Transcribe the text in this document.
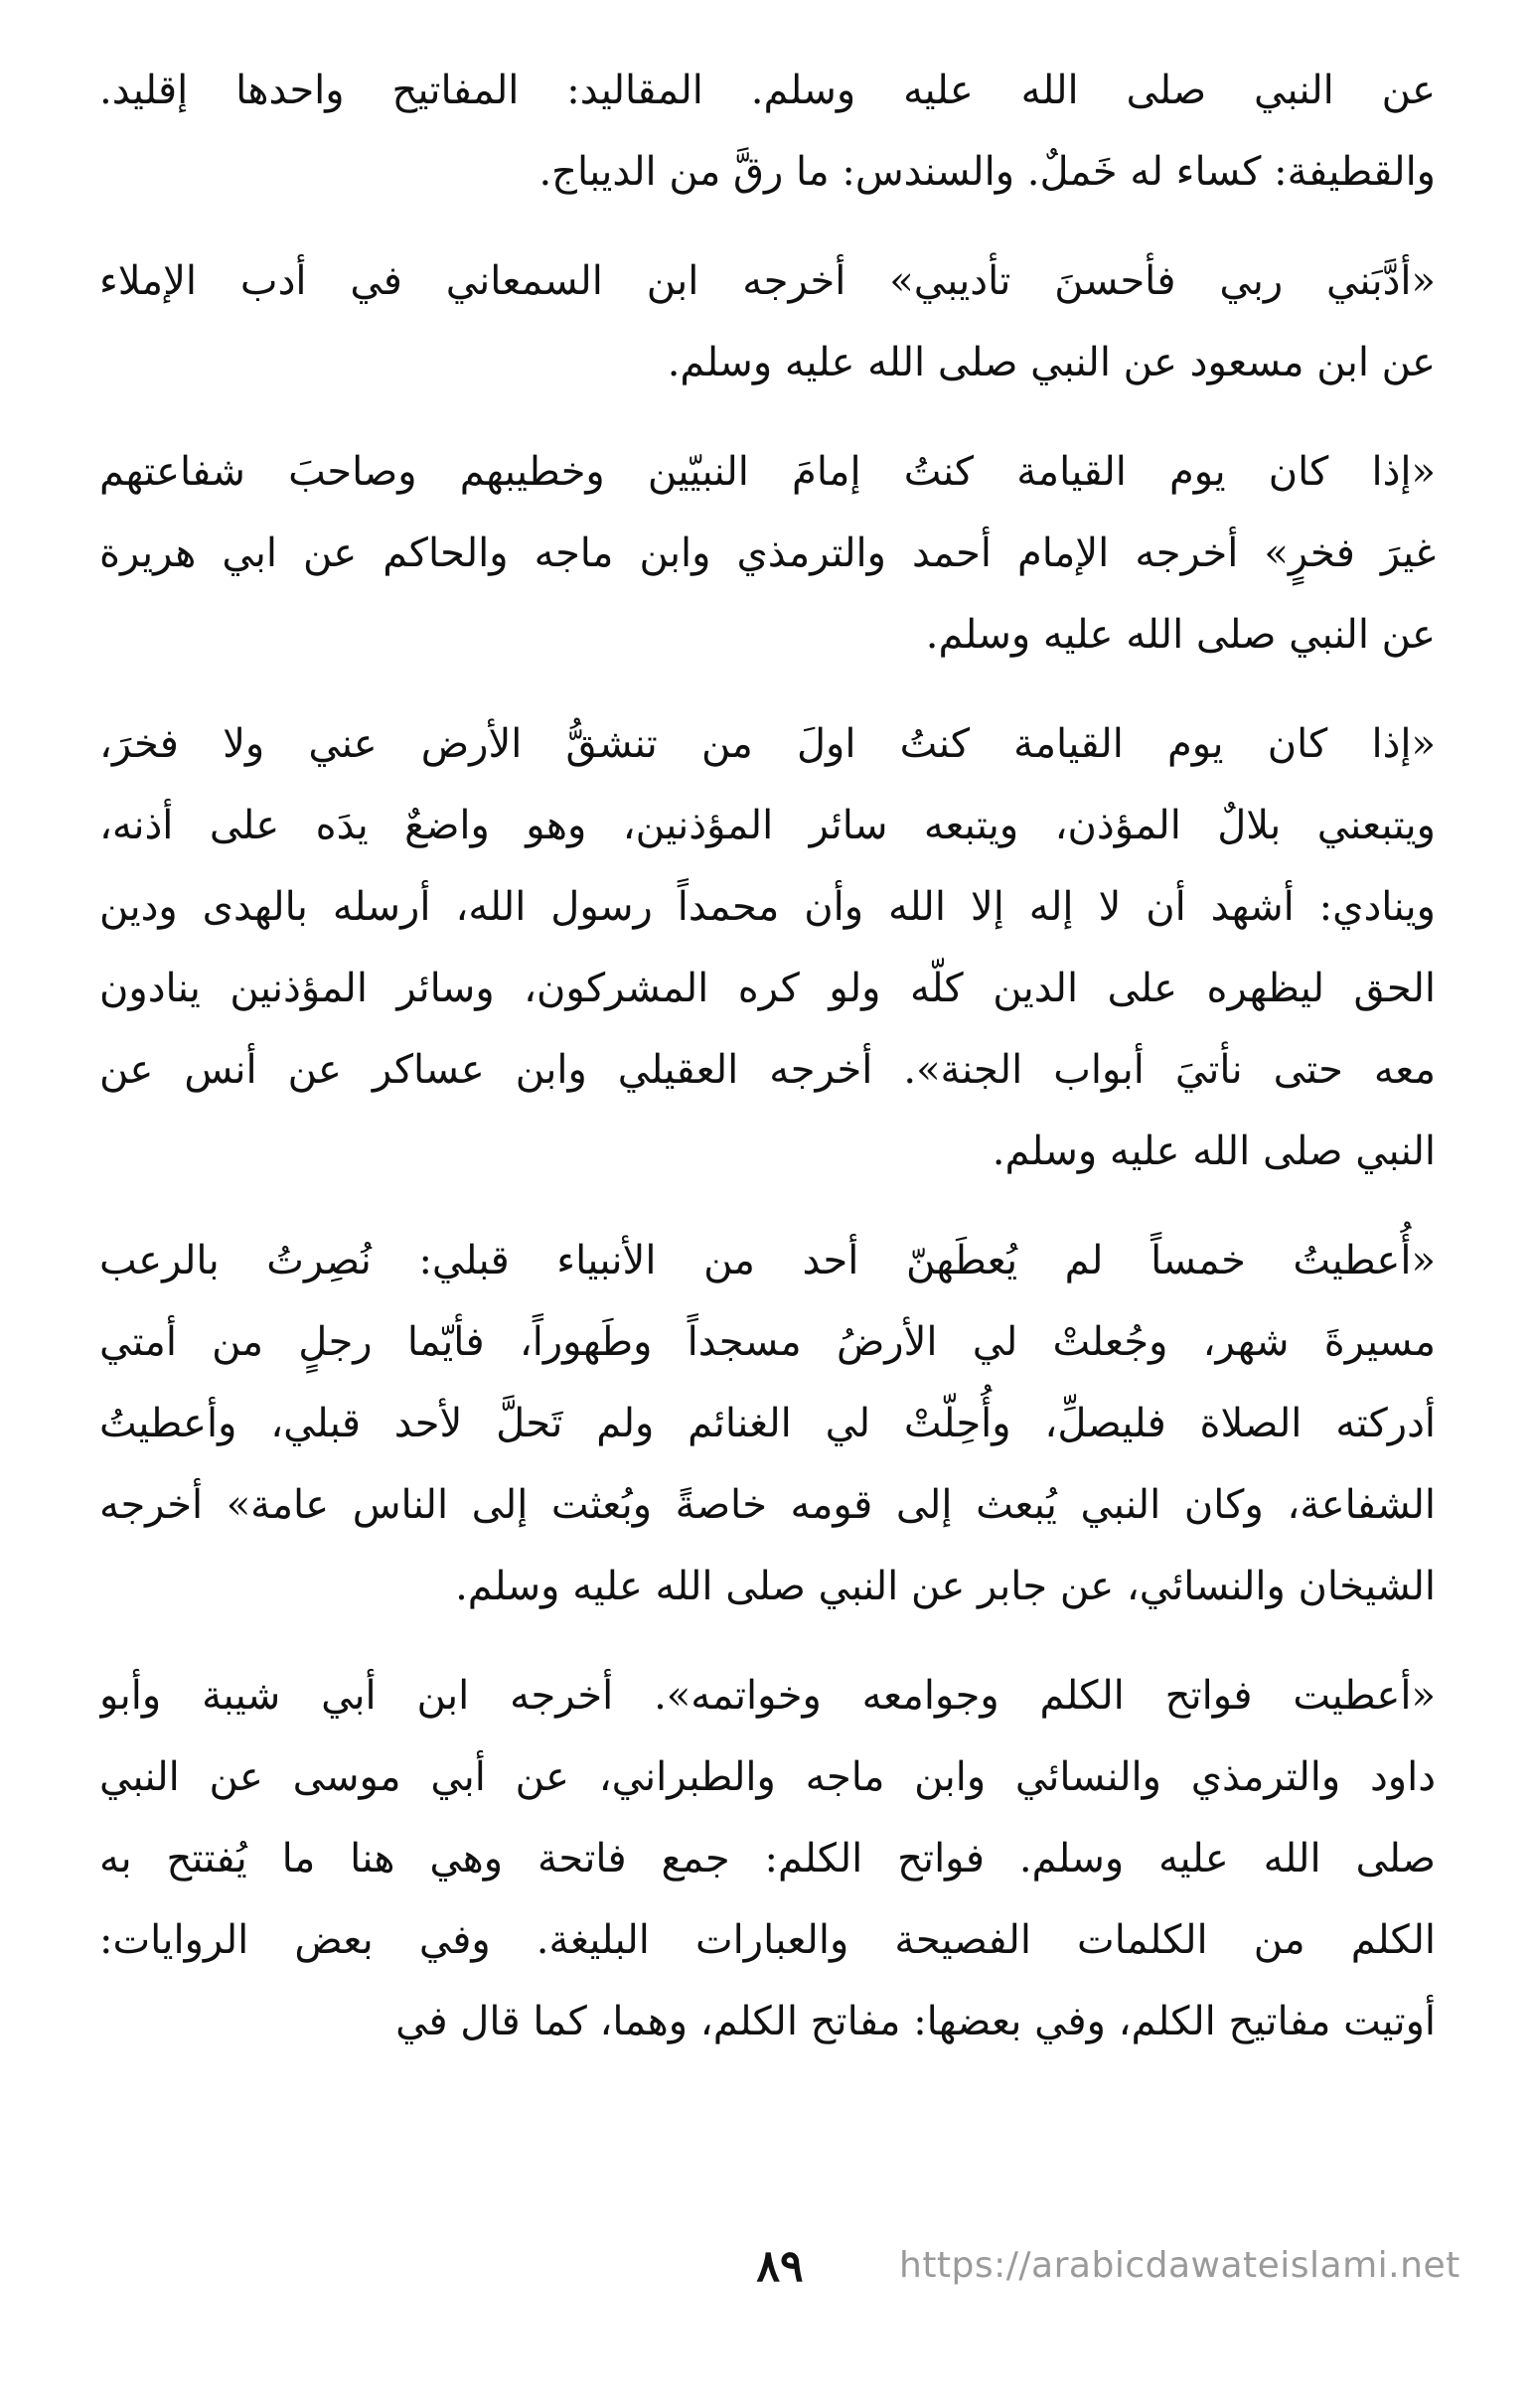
عن النبي صلى الله عليه وسلم. المقاليد: المفاتيح واحدها إقليد.
والقطيفة: كساء له خَملٌ. والسندس: ما رقَّ من الديباج.
«أدَّبَني ربي فأحسنَ تأديبي» أخرجه ابن السمعاني في أدب الإملاء
عن ابن مسعود عن النبي صلى الله عليه وسلم.
«إذا كان يوم القيامة كنتُ إمامَ النبيّين وخطيبهم وصاحبَ شفاعتهم
غيرَ فخرٍ» أخرجه الإمام أحمد والترمذي وابن ماجه والحاكم عن ابي هريرة
عن النبي صلى الله عليه وسلم.
«إذا كان يوم القيامة كنتُ اولَ من تنشقُّ الأرض عني ولا فخرَ،
ويتبعني بلالٌ المؤذن، ويتبعه سائر المؤذنين، وهو واضعٌ يدَه على أذنه،
وينادي: أشهد أن لا إله إلا الله وأن محمداً رسول الله، أرسله بالهدى ودين
الحق ليظهره على الدين كلّه ولو كره المشركون، وسائر المؤذنين ينادون
معه حتى نأتيَ أبواب الجنة». أخرجه العقيلي وابن عساكر عن أنس عن
النبي صلى الله عليه وسلم.
«أُعطيتُ خمساً لم يُعطَهنّ أحد من الأنبياء قبلي: نُصِرتُ بالرعب
مسيرةَ شهر، وجُعلتْ لي الأرضُ مسجداً وطَهوراً، فأيّما رجلٍ من أمتي
أدركته الصلاة فليصلِّ، وأُحِلّتْ لي الغنائم ولم تَحلَّ لأحد قبلي، وأعطيتُ
الشفاعة، وكان النبي يُبعث إلى قومه خاصةً وبُعثت إلى الناس عامة» أخرجه
الشيخان والنسائي، عن جابر عن النبي صلى الله عليه وسلم.
«أعطيت فواتح الكلم وجوامعه وخواتمه». أخرجه ابن أبي شيبة وأبو
داود والترمذي والنسائي وابن ماجه والطبراني، عن أبي موسى عن النبي
صلى الله عليه وسلم. فواتح الكلم: جمع فاتحة وهي هنا ما يُفتتح به
الكلم من الكلمات الفصيحة والعبارات البليغة. وفي بعض الروايات:
أوتيت مفاتيح الكلم، وفي بعضها: مفاتح الكلم، وهما، كما قال في
٨٩	https://arabicdawateislami.net
